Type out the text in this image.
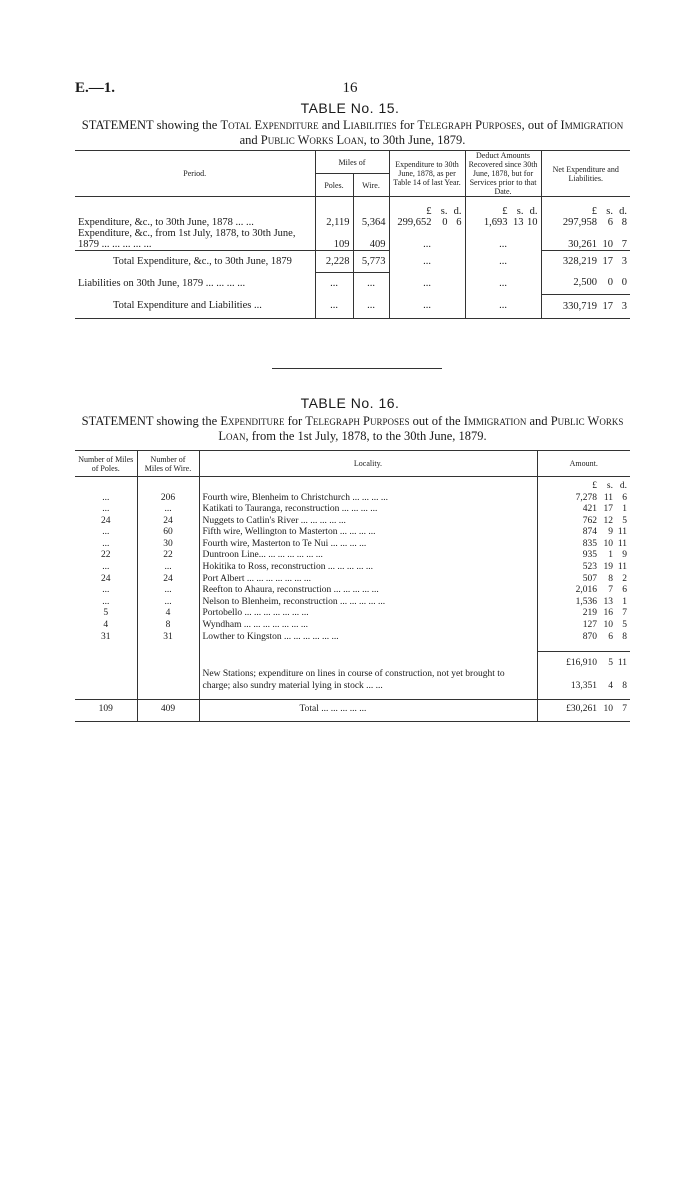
E.—1.	16
TABLE No. 15.
STATEMENT showing the Total Expenditure and Liabilities for Telegraph Purposes, out of Immigration and Public Works Loan, to 30th June, 1879.
Period.	Miles of		Expenditure to 30th June, 1878, as per Table 14 of last Year.	Deduct Amounts Recovered since 30th June, 1878, but for Services prior to that Date.	Net Expenditure and Liabilities.
	Poles.	Wire.			
			£ s. d.	£ s. d.	£ s. d.
Expenditure, &c., to 30th June, 1878 ... ...	2,119	5,364	299,652 0 6	1,693 13 10	297,958 6 8
Expenditure, &c., from 1st July, 1878, to 30th June, 1879 ... ... ... ... ...	109	409	...	...	30,261 10 7
Total Expenditure, &c., to 30th June, 1879	2,228	5,773	...	...	328,219 17 3
Liabilities on 30th June, 1879 ... ... ... ...	...	...	...	...	2,500 0 0
Total Expenditure and Liabilities ...	...	...	...	...	330,719 17 3
TABLE No. 16.
STATEMENT showing the Expenditure for Telegraph Purposes out of the Immigration and Public Works Loan, from the 1st July, 1878, to the 30th June, 1879.
Number of Miles of Poles.	Number of Miles of Wire.	Locality.	Amount.
			£ s. d.
...	206	Fourth wire, Blenheim to Christchurch ... ... ... ...	7,278 11 6
...	...	Katikati to Tauranga, reconstruction ... ... ... ...	421 17 1
24	24	Nuggets to Catlin's River ... ... ... ... ...	762 12 5
...	60	Fifth wire, Wellington to Masterton ... ... ... ...	874 9 11
...	30	Fourth wire, Masterton to Te Nui ... ... ... ...	835 10 11
22	22	Duntroon Line... ... ... ... ... ... ...	935 1 9
...	...	Hokitika to Ross, reconstruction ... ... ... ... ...	523 19 11
24	24	Port Albert ... ... ... ... ... ... ...	507 8 2
...	...	Reefton to Ahaura, reconstruction ... ... ... ... ...	2,016 7 6
...	...	Nelson to Blenheim, reconstruction ... ... ... ... ...	1,536 13 1
5	4	Portobello ... ... ... ... ... ... ...	219 16 7
4	8	Wyndham ... ... ... ... ... ... ...	127 10 5
31	31	Lowther to Kingston ... ... ... ... ... ...	870 6 8

			£16,910 5 11
		New Stations; expenditure on lines in course of construction, not yet brought to charge; also sundry material lying in stock ... ...	13,351 4 8
109	409	Total ... ... ... ... ...	£30,261 10 7
